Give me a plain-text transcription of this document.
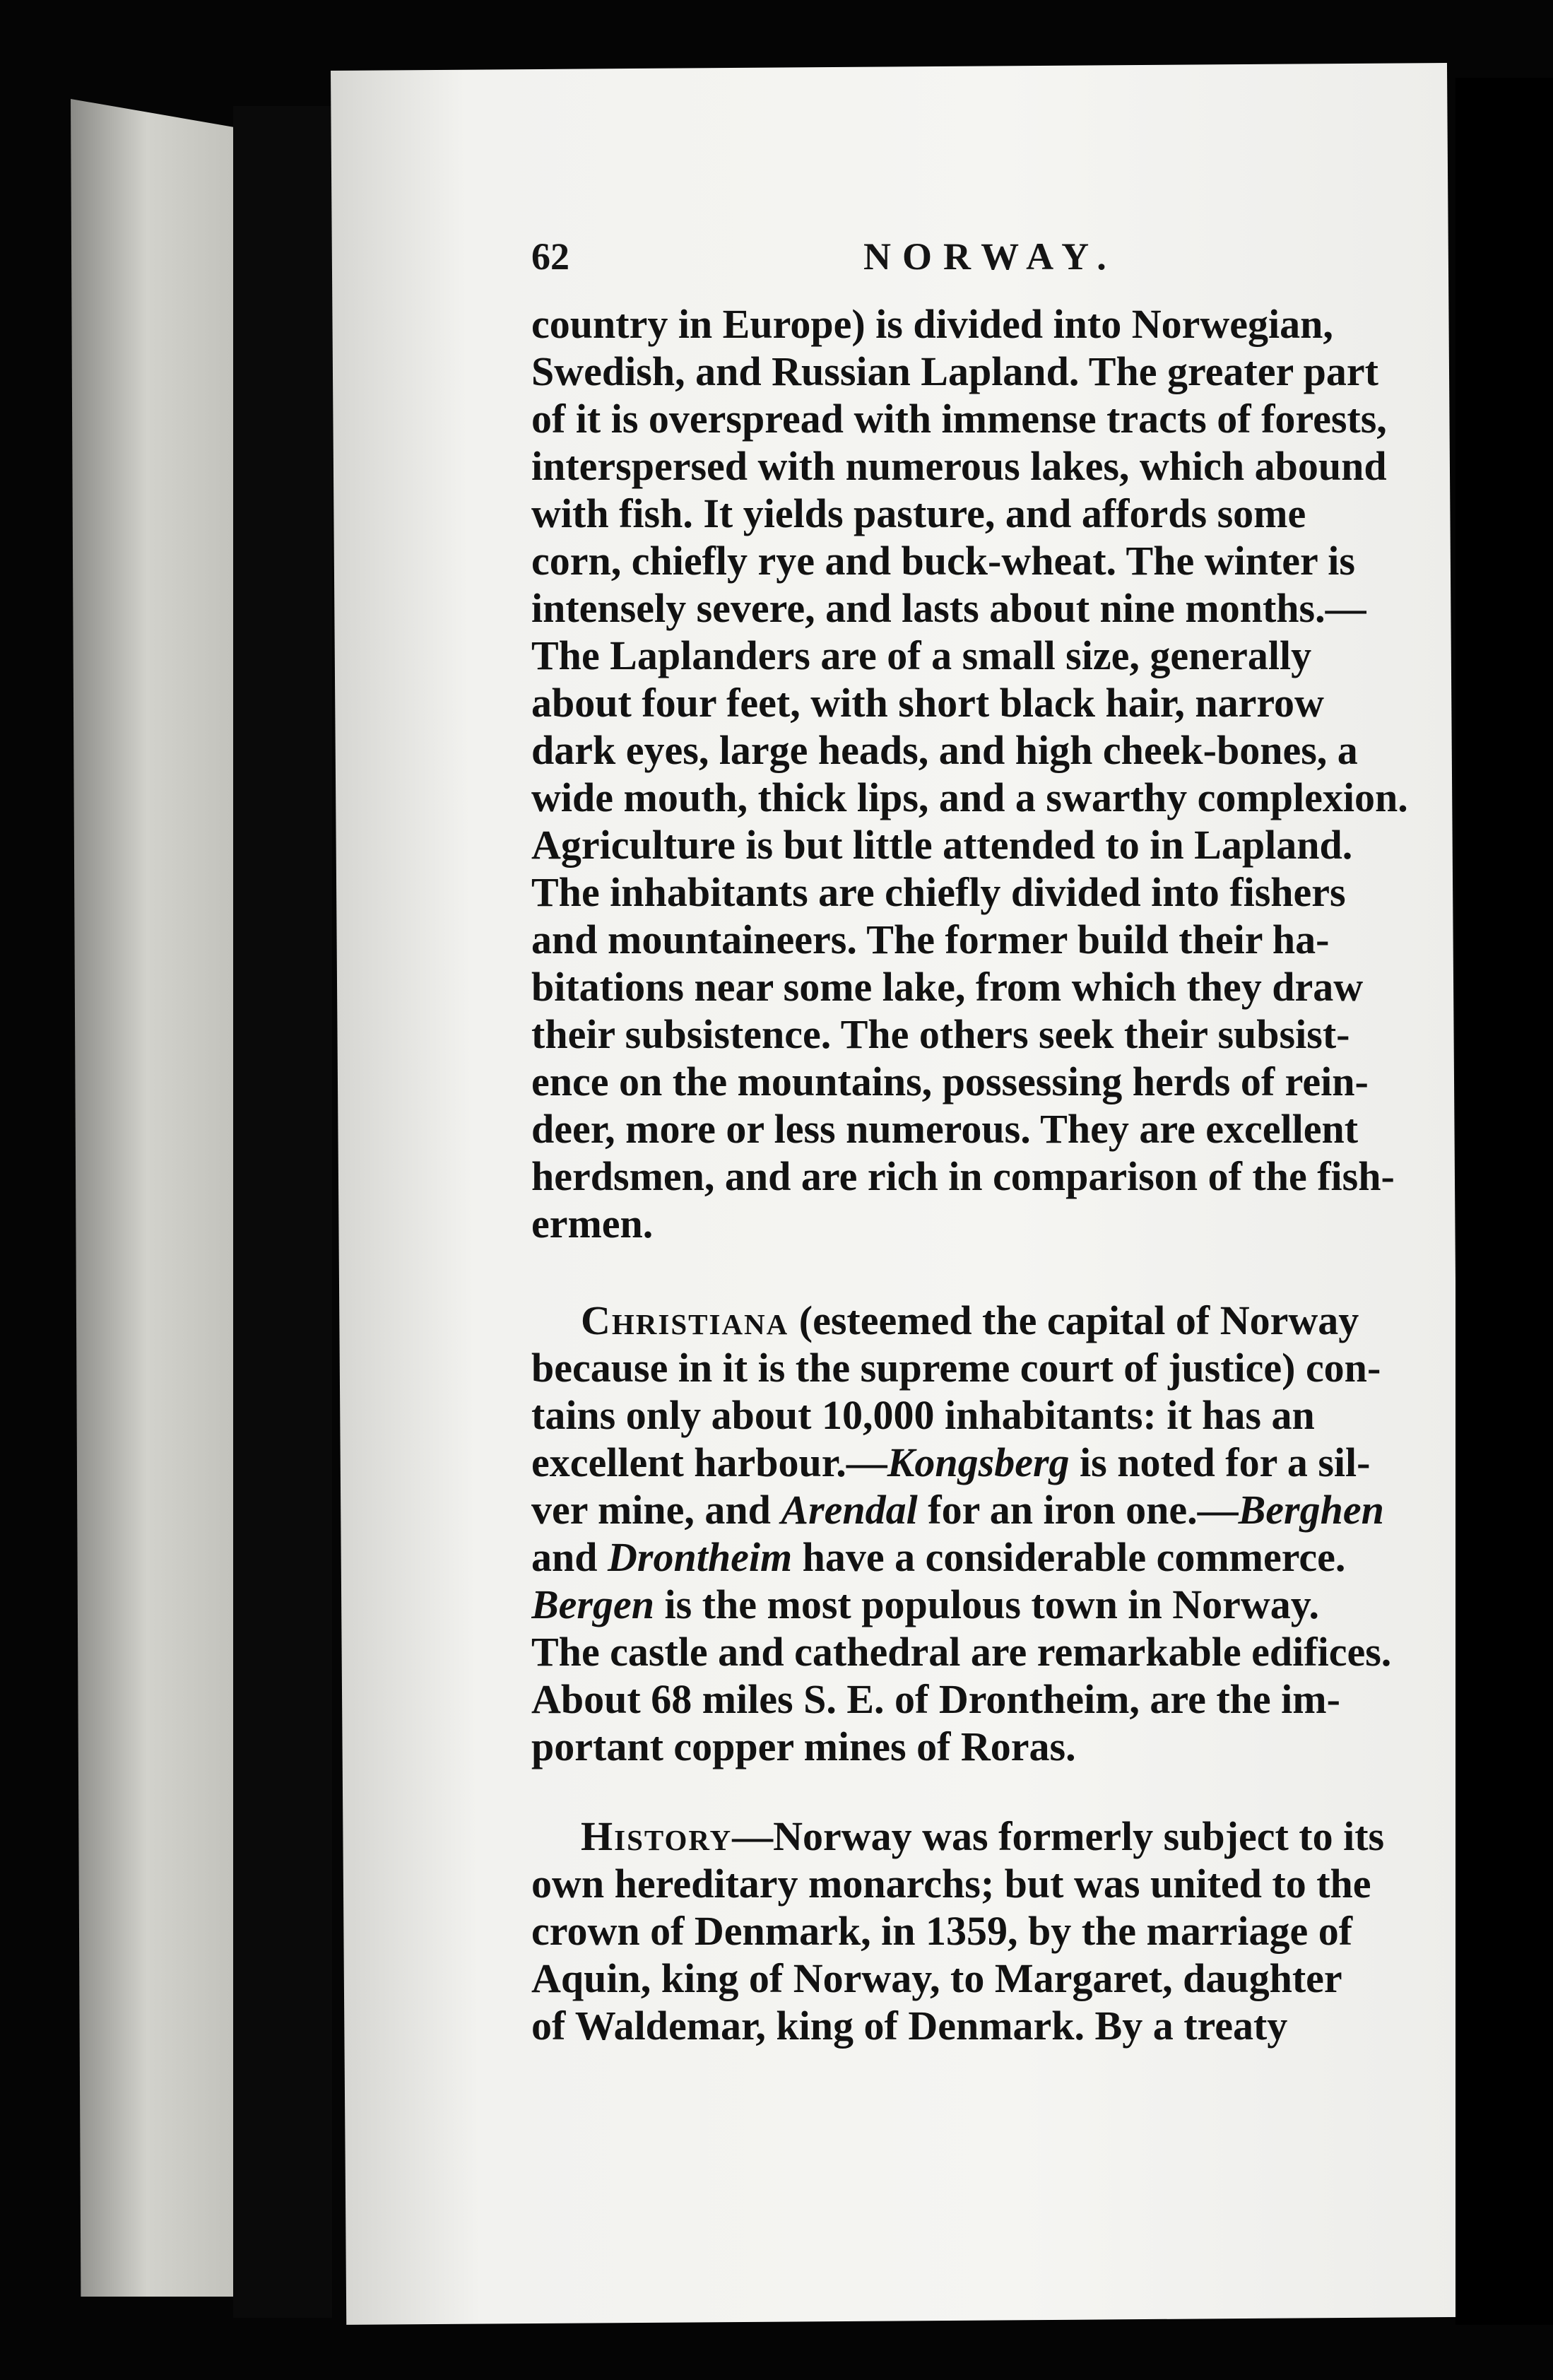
62	NORWAY.
country in Europe) is divided into Norwegian,
Swedish, and Russian Lapland. The greater part
of it is overspread with immense tracts of forests,
interspersed with numerous lakes, which abound
with fish. It yields pasture, and affords some
corn, chiefly rye and buck-wheat. The winter is
intensely severe, and lasts about nine months.—
The Laplanders are of a small size, generally
about four feet, with short black hair, narrow
dark eyes, large heads, and high cheek-bones, a
wide mouth, thick lips, and a swarthy complexion.
Agriculture is but little attended to in Lapland.
The inhabitants are chiefly divided into fishers
and mountaineers. The former build their ha-
bitations near some lake, from which they draw
their subsistence. The others seek their subsist-
ence on the mountains, possessing herds of rein-
deer, more or less numerous. They are excellent
herdsmen, and are rich in comparison of the fish-
ermen.
Christiana (esteemed the capital of Norway
because in it is the supreme court of justice) con-
tains only about 10,000 inhabitants: it has an
excellent harbour.—Kongsberg is noted for a sil-
ver mine, and Arendal for an iron one.—Berghen
and Drontheim have a considerable commerce.
Bergen is the most populous town in Norway.
The castle and cathedral are remarkable edifices.
About 68 miles S. E. of Drontheim, are the im-
portant copper mines of Roras.
History—Norway was formerly subject to its
own hereditary monarchs; but was united to the
crown of Denmark, in 1359, by the marriage of
Aquin, king of Norway, to Margaret, daughter
of Waldemar, king of Denmark. By a treaty
